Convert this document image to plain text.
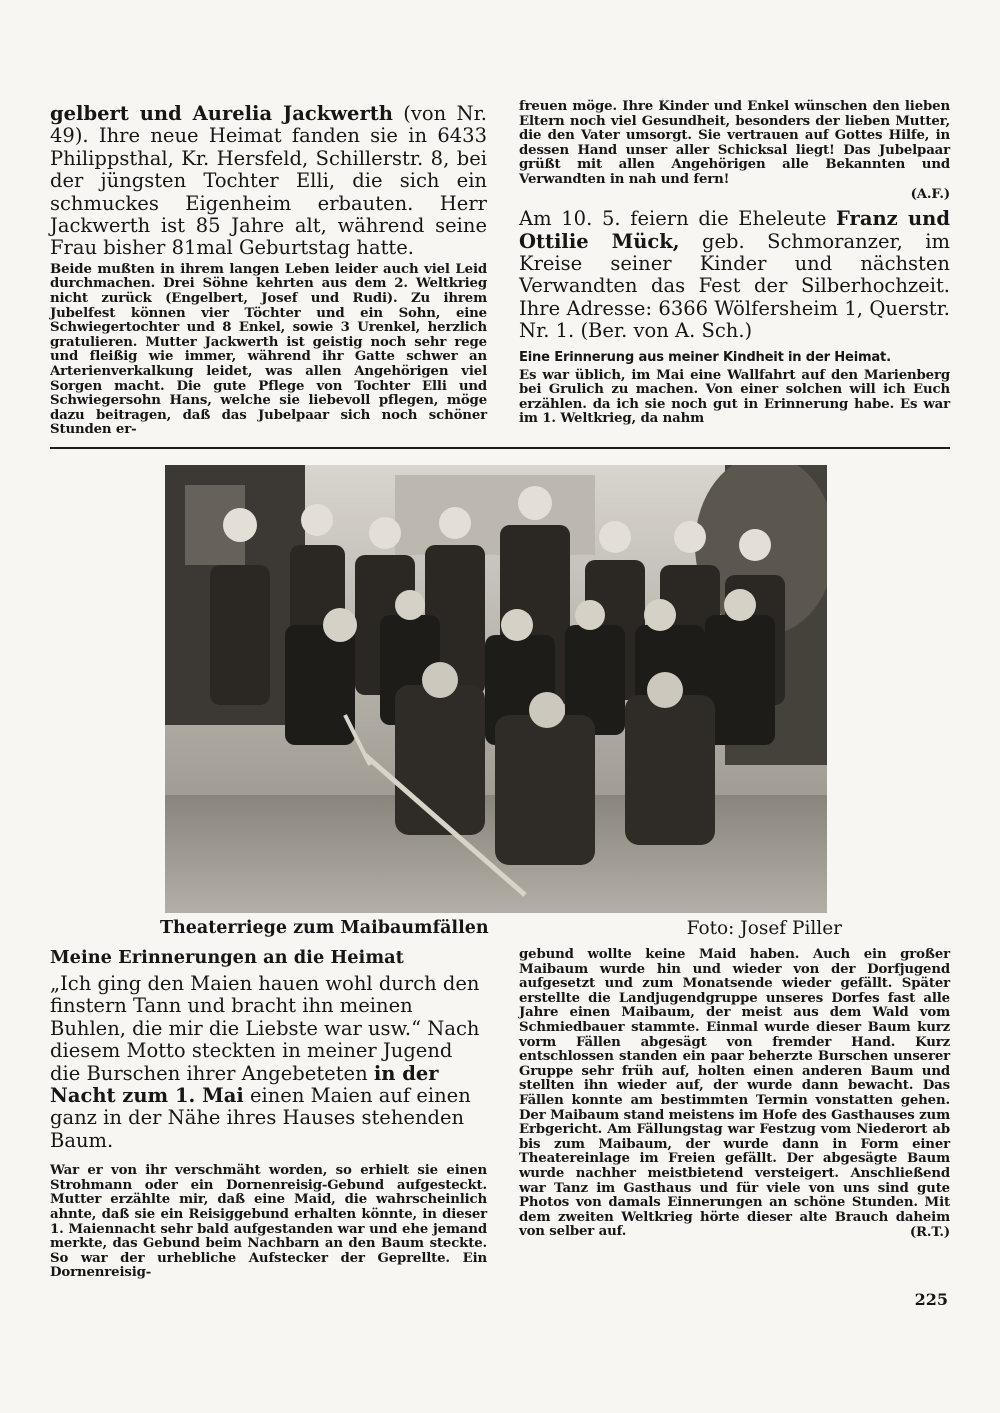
gelbert und Aurelia Jackwerth (von Nr. 49). Ihre neue Heimat fanden sie in 6433 Philippsthal, Kr. Hersfeld, Schillerstr. 8, bei der jüngsten Tochter Elli, die sich ein schmuckes Eigenheim erbauten. Herr Jackwerth ist 85 Jahre alt, während seine Frau bisher 81mal Geburtstag hatte.

Beide mußten in ihrem langen Leben leider auch viel Leid durchmachen. Drei Söhne kehrten aus dem 2. Weltkrieg nicht zurück (Engelbert, Josef und Rudi). Zu ihrem Jubelfest können vier Töchter und ein Sohn, eine Schwiegertochter und 8 Enkel, sowie 3 Urenkel, herzlich gratulieren. Mutter Jackwerth ist geistig noch sehr rege und fleißig wie immer, während ihr Gatte schwer an Arterienverkalkung leidet, was allen Angehörigen viel Sorgen macht. Die gute Pflege von Tochter Elli und Schwiegersohn Hans, welche sie liebevoll pflegen, möge dazu beitragen, daß das Jubelpaar sich noch schöner Stunden er-

freuen möge. Ihre Kinder und Enkel wünschen den lieben Eltern noch viel Gesundheit, besonders der lieben Mutter, die den Vater umsorgt. Sie vertrauen auf Gottes Hilfe, in dessen Hand unser aller Schicksal liegt! Das Jubelpaar grüßt mit allen Angehörigen alle Bekannten und Verwandten in nah und fern!

(A.F.)

Am 10. 5. feiern die Eheleute Franz und Ottilie Mück, geb. Schmoranzer, im Kreise seiner Kinder und nächsten Verwandten das Fest der Silberhochzeit. Ihre Adresse: 6366 Wölfersheim 1, Querstr. Nr. 1. (Ber. von A. Sch.)

Eine Erinnerung aus meiner Kindheit in der Heimat.

Es war üblich, im Mai eine Wallfahrt auf den Marienberg bei Grulich zu machen. Von einer solchen will ich Euch erzählen. da ich sie noch gut in Erinnerung habe. Es war im 1. Weltkrieg, da nahm

Theaterriege zum Maibaumfällen	Foto: Josef Piller
Meine Erinnerungen an die Heimat

„Ich ging den Maien hauen wohl durch den finstern Tann und bracht ihn meinen Buhlen, die mir die Liebste war usw.“ Nach diesem Motto steckten in meiner Jugend die Burschen ihrer Angebeteten in der Nacht zum 1. Mai einen Maien auf einen ganz in der Nähe ihres Hauses stehenden Baum.

War er von ihr verschmäht worden, so erhielt sie einen Strohmann oder ein Dornenreisig-Gebund aufgesteckt. Mutter erzählte mir, daß eine Maid, die wahrscheinlich ahnte, daß sie ein Reisiggebund erhalten könnte, in dieser 1. Maiennacht sehr bald aufgestanden war und ehe jemand merkte, das Gebund beim Nachbarn an den Baum steckte. So war der urhebliche Aufstecker der Geprellte. Ein Dornenreisig-

gebund wollte keine Maid haben. Auch ein großer Maibaum wurde hin und wieder von der Dorfjugend aufgesetzt und zum Monatsende wieder gefällt. Später erstellte die Landjugendgruppe unseres Dorfes fast alle Jahre einen Maibaum, der meist aus dem Wald vom Schmiedbauer stammte. Einmal wurde dieser Baum kurz vorm Fällen abgesägt von fremder Hand. Kurz entschlossen standen ein paar beherzte Burschen unserer Gruppe sehr früh auf, holten einen anderen Baum und stellten ihn wieder auf, der wurde dann bewacht. Das Fällen konnte am bestimmten Termin vonstatten gehen. Der Maibaum stand meistens im Hofe des Gasthauses zum Erbgericht. Am Fällungstag war Festzug vom Niederort ab bis zum Maibaum, der wurde dann in Form einer Theatereinlage im Freien gefällt. Der abgesägte Baum wurde nachher meistbietend versteigert. Anschließend war Tanz im Gasthaus und für viele von uns sind gute Photos von damals Einnerungen an schöne Stunden. Mit dem zweiten Weltkrieg hörte dieser alte Brauch daheim von selber auf.	(R.T.)

225
